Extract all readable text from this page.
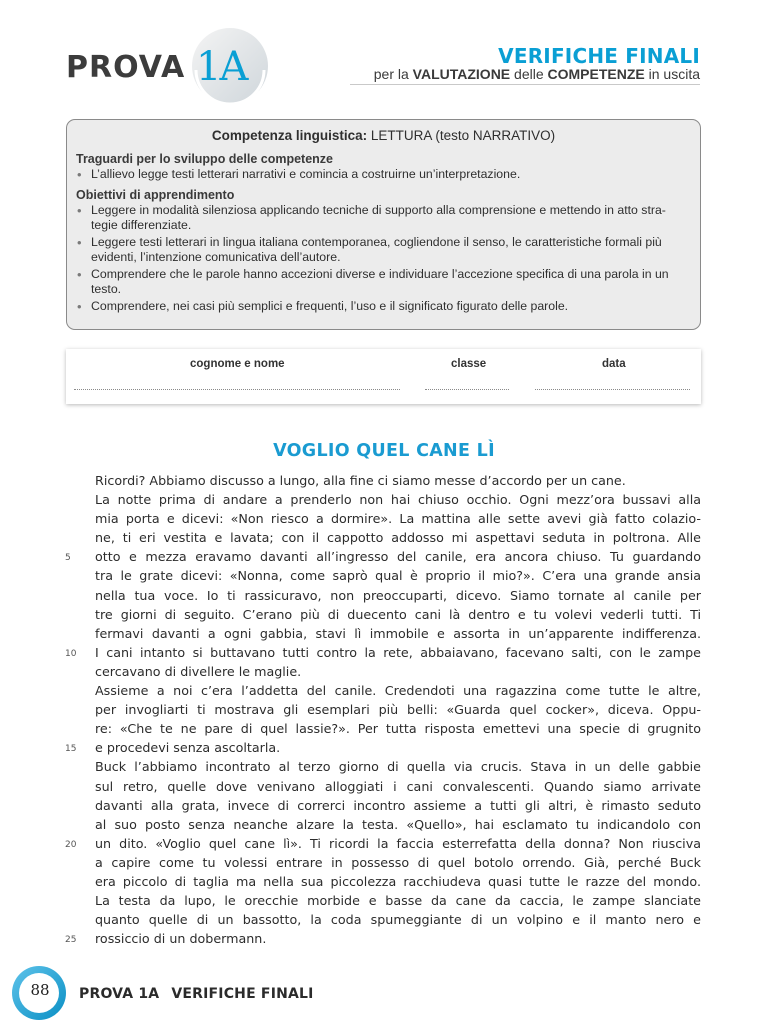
PROVA 1A	VERIFICHE FINALI
per la VALUTAZIONE delle COMPETENZE in uscita
Competenza linguistica: LETTURA (testo NARRATIVO)
Traguardi per lo sviluppo delle competenze
• L’allievo legge testi letterari narrativi e comincia a costruirne un’interpretazione.
Obiettivi di apprendimento
• Leggere in modalità silenziosa applicando tecniche di supporto alla comprensione e mettendo in atto stra-
tegie differenziate.
• Leggere testi letterari in lingua italiana contemporanea, cogliendone il senso, le caratteristiche formali più
evidenti, l’intenzione comunicativa dell’autore.
• Comprendere che le parole hanno accezioni diverse e individuare l’accezione specifica di una parola in un
testo.
• Comprendere, nei casi più semplici e frequenti, l’uso e il significato figurato delle parole.
cognome e nome	classe	data
VOGLIO QUEL CANE LÌ
5
10
15
20
25
Ricordi? Abbiamo discusso a lungo, alla fine ci siamo messe d’accordo per un cane.
La notte prima di andare a prenderlo non hai chiuso occhio. Ogni mezz’ora bussavi alla
mia porta e dicevi: «Non riesco a dormire». La mattina alle sette avevi già fatto colazio-
ne, ti eri vestita e lavata; con il cappotto addosso mi aspettavi seduta in poltrona. Alle
otto e mezza eravamo davanti all’ingresso del canile, era ancora chiuso. Tu guardando
tra le grate dicevi: «Nonna, come saprò qual è proprio il mio?». C’era una grande ansia
nella tua voce. Io ti rassicuravo, non preoccuparti, dicevo. Siamo tornate al canile per
tre giorni di seguito. C’erano più di duecento cani là dentro e tu volevi vederli tutti. Ti
fermavi davanti a ogni gabbia, stavi lì immobile e assorta in un’apparente indifferenza.
I cani intanto si buttavano tutti contro la rete, abbaiavano, facevano salti, con le zampe
cercavano di divellere le maglie.
Assieme a noi c’era l’addetta del canile. Credendoti una ragazzina come tutte le altre,
per invogliarti ti mostrava gli esemplari più belli: «Guarda quel cocker», diceva. Oppu-
re: «Che te ne pare di quel lassie?». Per tutta risposta emettevi una specie di grugnito
e procedevi senza ascoltarla.
Buck l’abbiamo incontrato al terzo giorno di quella via crucis. Stava in un delle gabbie
sul retro, quelle dove venivano alloggiati i cani convalescenti. Quando siamo arrivate
davanti alla grata, invece di correrci incontro assieme a tutti gli altri, è rimasto seduto
al suo posto senza neanche alzare la testa. «Quello», hai esclamato tu indicandolo con
un dito. «Voglio quel cane lì». Ti ricordi la faccia esterrefatta della donna? Non riusciva
a capire come tu volessi entrare in possesso di quel botolo orrendo. Già, perché Buck
era piccolo di taglia ma nella sua piccolezza racchiudeva quasi tutte le razze del mondo.
La testa da lupo, le orecchie morbide e basse da cane da caccia, le zampe slanciate
quanto quelle di un bassotto, la coda spumeggiante di un volpino e il manto nero e
rossiccio di un dobermann.
88	PROVA 1A VERIFICHE FINALI
